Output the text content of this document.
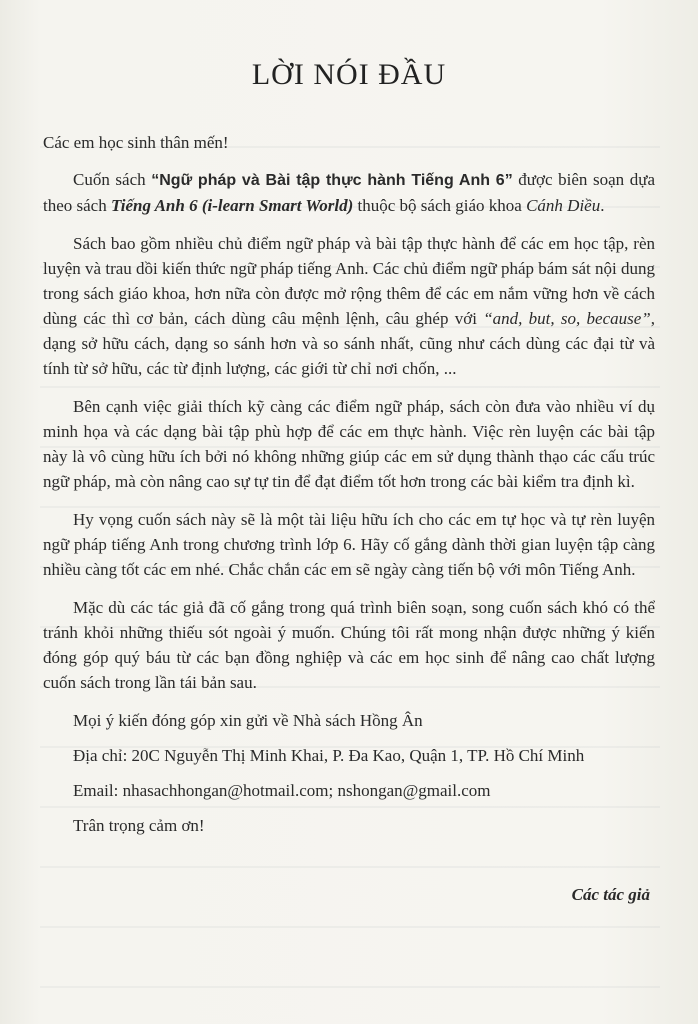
LỜI NÓI ĐẦU

Các em học sinh thân mến!

Cuốn sách “Ngữ pháp và Bài tập thực hành Tiếng Anh 6” được biên soạn dựa theo sách Tiếng Anh 6 (i-learn Smart World) thuộc bộ sách giáo khoa Cánh Diều.

Sách bao gồm nhiều chủ điểm ngữ pháp và bài tập thực hành để các em học tập, rèn luyện và trau dồi kiến thức ngữ pháp tiếng Anh. Các chủ điểm ngữ pháp bám sát nội dung trong sách giáo khoa, hơn nữa còn được mở rộng thêm để các em nắm vững hơn về cách dùng các thì cơ bản, cách dùng câu mệnh lệnh, câu ghép với “and, but, so, because”, dạng sở hữu cách, dạng so sánh hơn và so sánh nhất, cũng như cách dùng các đại từ và tính từ sở hữu, các từ định lượng, các giới từ chỉ nơi chốn, ...

Bên cạnh việc giải thích kỹ càng các điểm ngữ pháp, sách còn đưa vào nhiều ví dụ minh họa và các dạng bài tập phù hợp để các em thực hành. Việc rèn luyện các bài tập này là vô cùng hữu ích bởi nó không những giúp các em sử dụng thành thạo các cấu trúc ngữ pháp, mà còn nâng cao sự tự tin để đạt điểm tốt hơn trong các bài kiểm tra định kì.

Hy vọng cuốn sách này sẽ là một tài liệu hữu ích cho các em tự học và tự rèn luyện ngữ pháp tiếng Anh trong chương trình lớp 6. Hãy cố gắng dành thời gian luyện tập càng nhiều càng tốt các em nhé. Chắc chắn các em sẽ ngày càng tiến bộ với môn Tiếng Anh.

Mặc dù các tác giả đã cố gắng trong quá trình biên soạn, song cuốn sách khó có thể tránh khỏi những thiếu sót ngoài ý muốn. Chúng tôi rất mong nhận được những ý kiến đóng góp quý báu từ các bạn đồng nghiệp và các em học sinh để nâng cao chất lượng cuốn sách trong lần tái bản sau.

Mọi ý kiến đóng góp xin gửi về Nhà sách Hồng Ân

Địa chỉ: 20C Nguyễn Thị Minh Khai, P. Đa Kao, Quận 1, TP. Hồ Chí Minh

Email: nhasachhongan@hotmail.com; nshongan@gmail.com

Trân trọng cảm ơn!

Các tác giả
